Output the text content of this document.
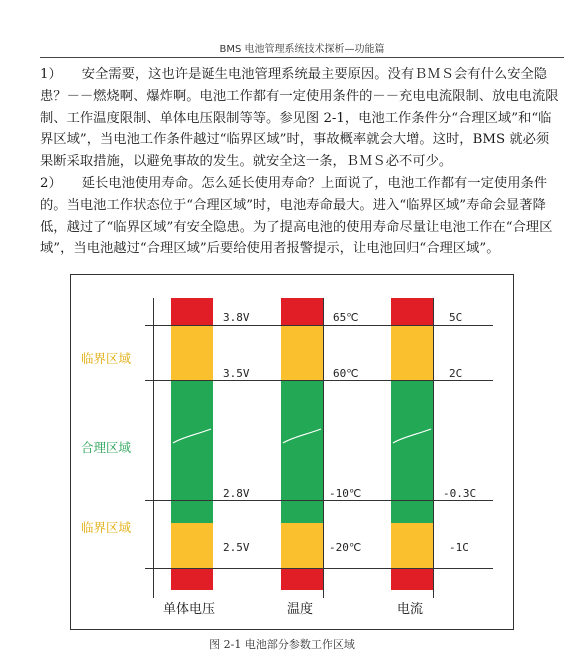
BMS 电池管理系统技术探析—功能篇

1）　　安全需要，这也许是诞生电池管理系统最主要原因。没有ＢＭＳ会有什么安全隐患？－－燃烧啊、爆炸啊。电池工作都有一定使用条件的－－充电电流限制、放电电流限制、工作温度限制、单体电压限制等等。参见图 2-1，电池工作条件分“合理区域”和“临界区域”，当电池工作条件越过“临界区域”时，事故概率就会大增。这时，BMS 就必须果断采取措施，以避免事故的发生。就安全这一条，ＢＭＳ必不可少。

2）　　延长电池使用寿命。怎么延长使用寿命？上面说了，电池工作都有一定使用条件的。当电池工作状态位于“合理区域”时，电池寿命最大。进入“临界区域”寿命会显著降低，越过了“临界区域”有安全隐患。为了提高电池的使用寿命尽量让电池工作在“合理区域”，当电池越过“合理区域”后要给使用者报警提示，让电池回归“合理区域”。

临界区域
合理区域
临界区域
3.8V
3.5V
2.8V
2.5V
65℃
60℃
-10℃
-20℃
5C
2C
-0.3C
-1C
单体电压	温度	电流
图 2-1 电池部分参数工作区域
